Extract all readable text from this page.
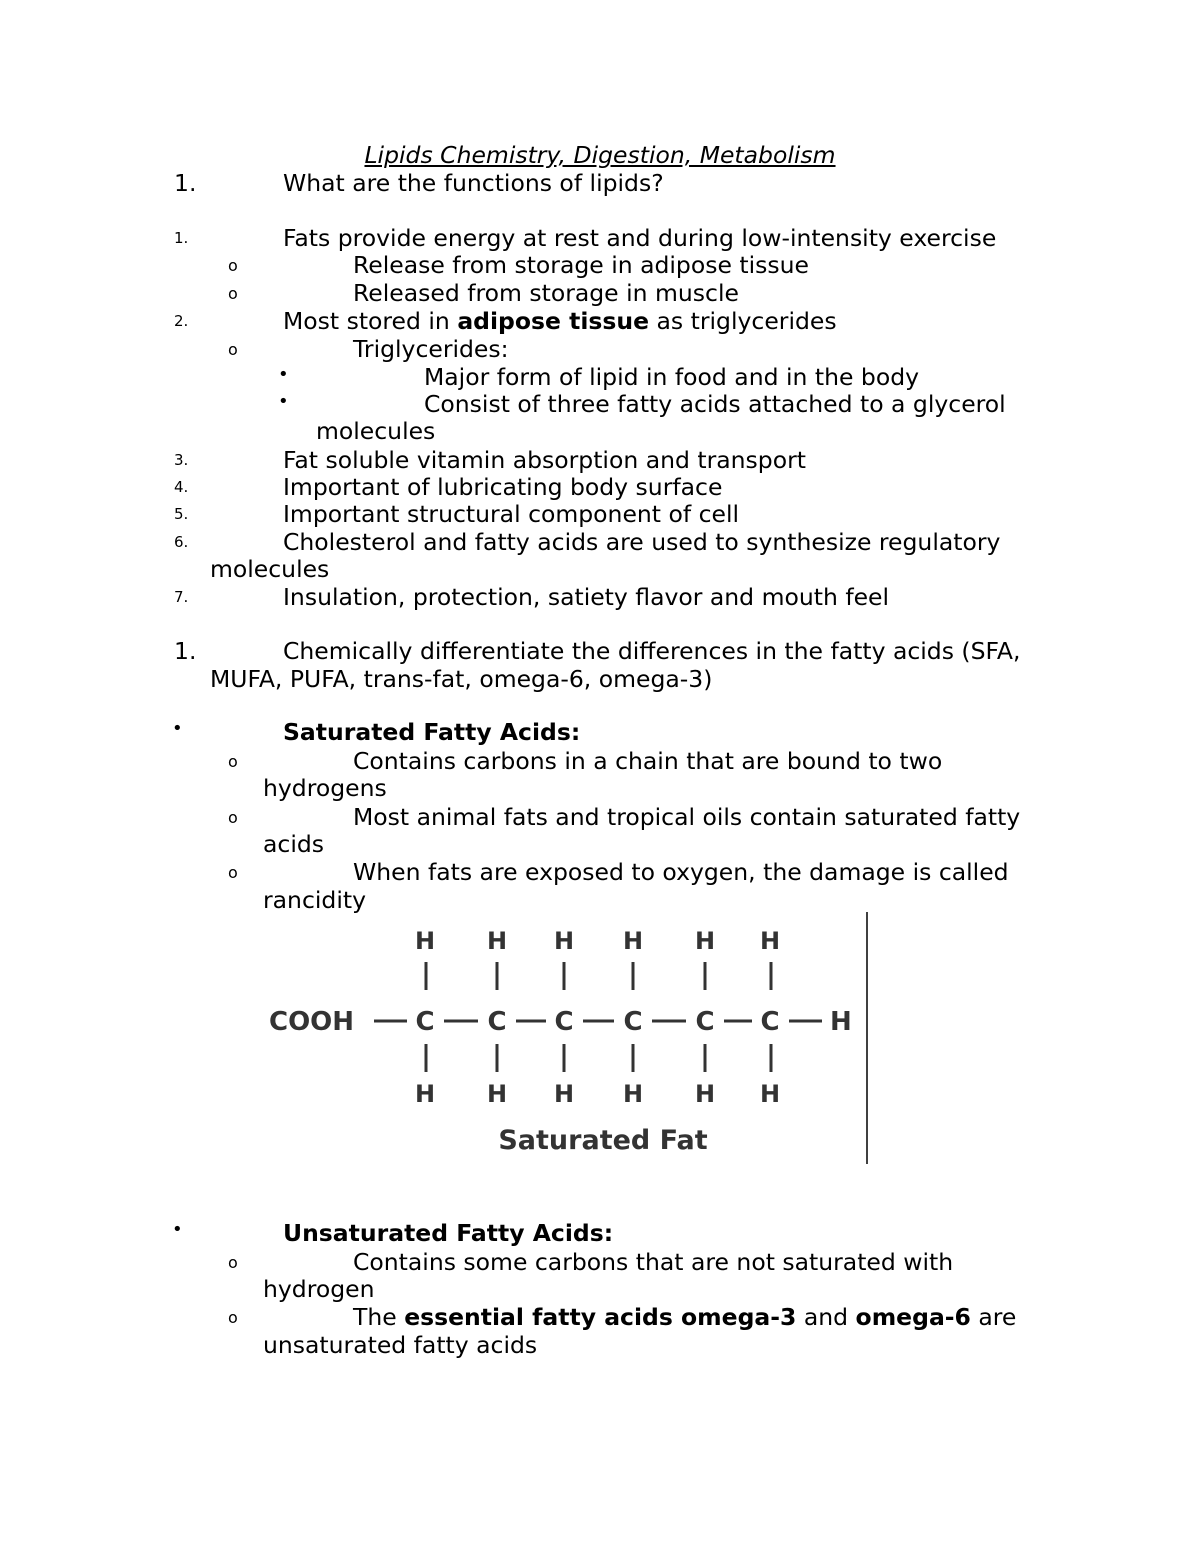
Lipids Chemistry, Digestion, Metabolism
1.	What are the functions of lipids?
1.	Fats provide energy at rest and during low-intensity exercise
o	Release from storage in adipose tissue
o	Released from storage in muscle
2.	Most stored in adipose tissue as triglycerides
o	Triglycerides:
•	Major form of lipid in food and in the body
•	Consist of three fatty acids attached to a glycerol
molecules
3.	Fat soluble vitamin absorption and transport
4.	Important of lubricating body surface
5.	Important structural component of cell
6.	Cholesterol and fatty acids are used to synthesize regulatory
molecules
7.	Insulation, protection, satiety flavor and mouth feel
1.	Chemically differentiate the differences in the fatty acids (SFA,
MUFA, PUFA, trans-fat, omega-6, omega-3)
•	Saturated Fatty Acids:
o	Contains carbons in a chain that are bound to two
hydrogens
o	Most animal fats and tropical oils contain saturated fatty
acids
o	When fats are exposed to oxygen, the damage is called
rancidity
COOH
H
C
H
H
C
H
H
C
H
H
C
H
H
C
H
H
C
H
H
Saturated Fat
•	Unsaturated Fatty Acids:
o	Contains some carbons that are not saturated with
hydrogen
o	The essential fatty acids omega-3 and omega-6 are
unsaturated fatty acids
